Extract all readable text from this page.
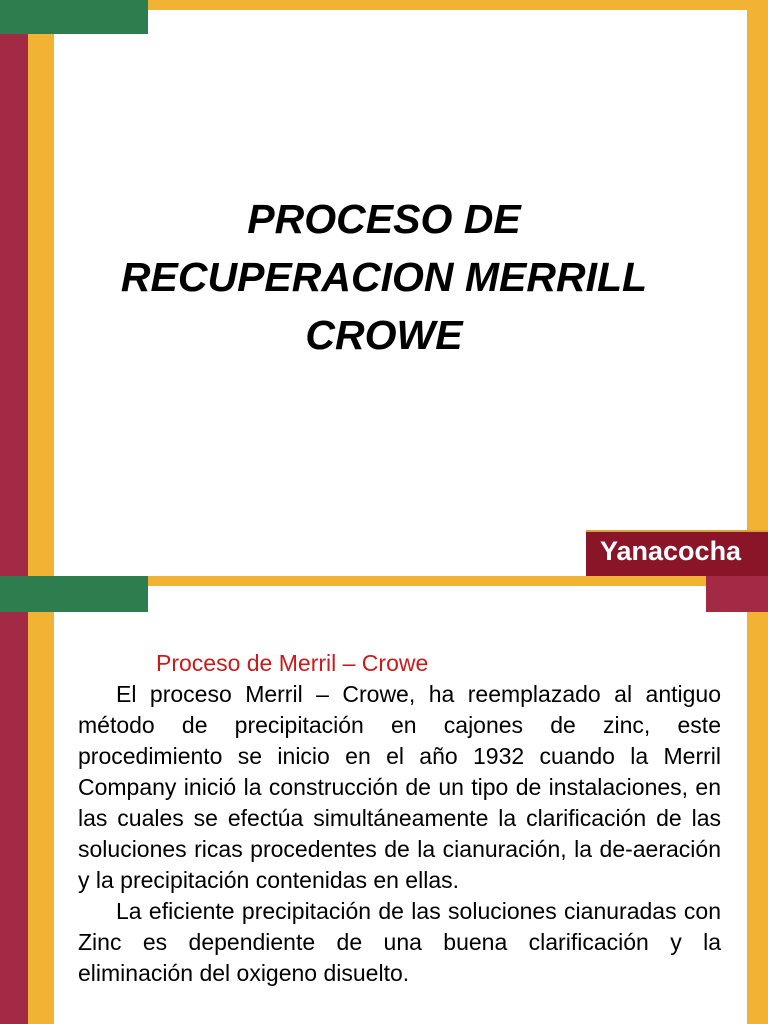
PROCESO DE
RECUPERACION MERRILL
CROWE
Yanacocha

Proceso de Merril – Crowe

El proceso Merril – Crowe, ha reemplazado al antiguo método de precipitación en cajones de zinc, este procedimiento se inicio en el año 1932 cuando la Merril Company inició la construcción de un tipo de instalaciones, en las cuales se efectúa simultáneamente la clarificación de las soluciones ricas procedentes de la cianuración, la de-aeración y la precipitación contenidas en ellas.

La eficiente precipitación de las soluciones cianuradas con Zinc es dependiente de una buena clarificación y la eliminación del oxigeno disuelto.
